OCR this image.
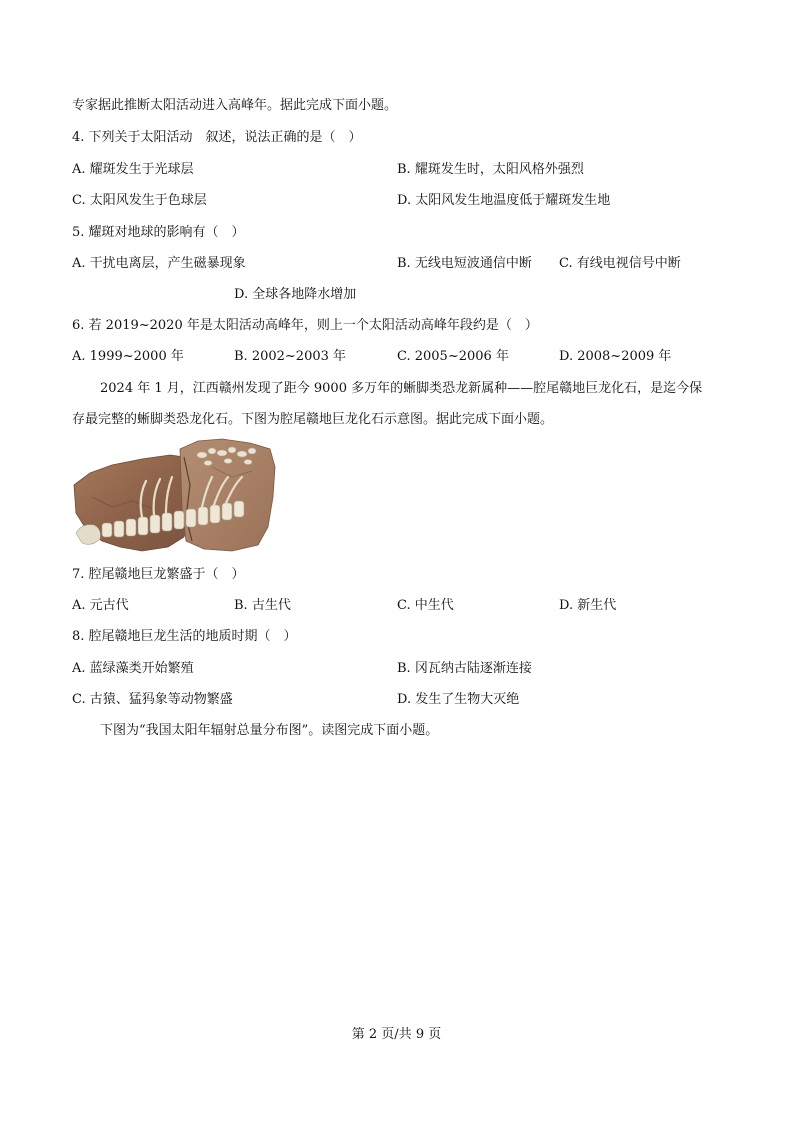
专家据此推断太阳活动进入高峰年。据此完成下面小题。
4. 下列关于太阳活动　叙述，说法正确的是（　）
A. 耀斑发生于光球层	B. 耀斑发生时，太阳风格外强烈
C. 太阳风发生于色球层	D. 太阳风发生地温度低于耀斑发生地
5. 耀斑对地球的影响有（　）
A. 干扰电离层，产生磁暴现象	B. 无线电短波通信中断 C. 有线电视信号中断
D. 全球各地降水增加
6. 若 2019~2020 年是太阳活动高峰年，则上一个太阳活动高峰年段约是（　）
A. 1999~2000 年	B. 2002~2003 年	C. 2005~2006 年	D. 2008~2009 年
2024 年 1 月，江西赣州发现了距今 9000 多万年的蜥脚类恐龙新属种——腔尾赣地巨龙化石，是迄今保
存最完整的蜥脚类恐龙化石。下图为腔尾赣地巨龙化石示意图。据此完成下面小题。
7. 腔尾赣地巨龙繁盛于（　）
A. 元古代	B. 古生代	C. 中生代	D. 新生代
8. 腔尾赣地巨龙生活的地质时期（　）
A. 蓝绿藻类开始繁殖	B. 冈瓦纳古陆逐渐连接
C. 古猿、猛犸象等动物繁盛	D. 发生了生物大灭绝
下图为“我国太阳年辐射总量分布图”。读图完成下面小题。
第 2 页/共 9 页
